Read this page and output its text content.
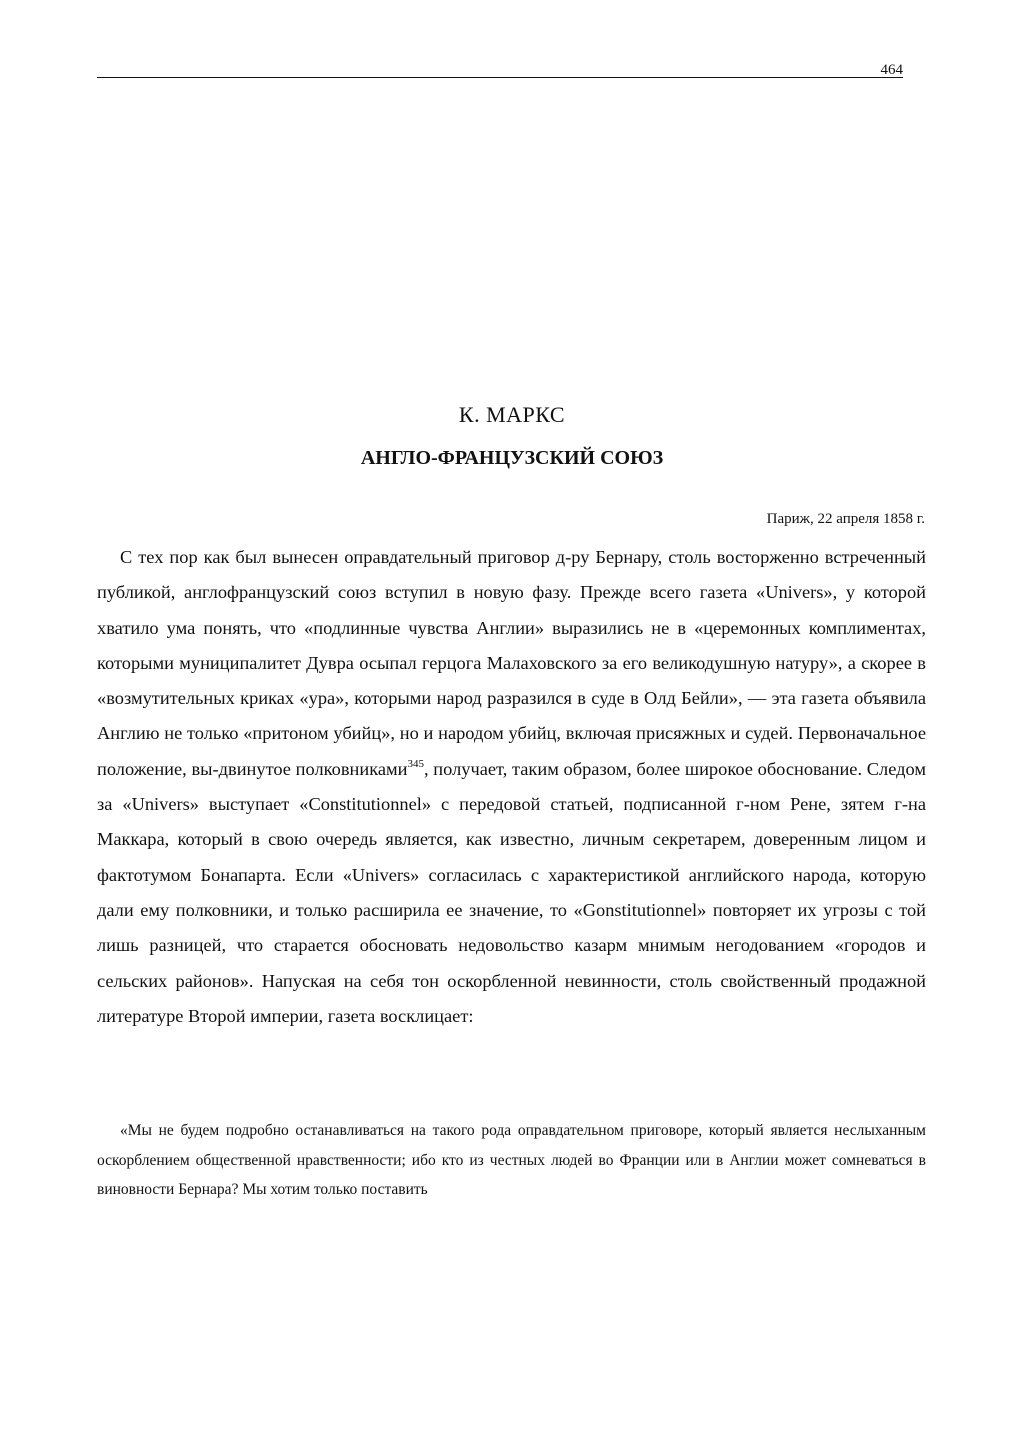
464
К. МАРКС
АНГЛО-ФРАНЦУЗСКИЙ СОЮЗ
Париж, 22 апреля 1858 г.

С тех пор как был вынесен оправдательный приговор д-ру Бернару, столь восторженно встреченный публикой, англофранцузский союз вступил в новую фазу. Прежде всего газета «Univers», у которой хватило ума понять, что «подлинные чувства Англии» выразились не в «церемонных комплиментах, которыми муниципалитет Дувра осыпал герцога Малаховского за его великодушную натуру», а скорее в «возмутительных криках «ура», которыми народ разразился в суде в Олд Бейли», — эта газета объявила Англию не только «притоном убийц», но и народом убийц, включая присяжных и судей. Первоначальное положение, вы-двинутое полковниками$^{345}$, получает, таким образом, более широкое обоснование. Следом за «Univers» выступает «Constitutionnel» с передовой статьей, подписанной г-ном Рене, зятем г-на Маккара, который в свою очередь является, как известно, личным секретарем, доверенным лицом и фактотумом Бонапарта. Если «Univers» согласилась с характеристикой английского народа, которую дали ему полковники, и только расширила ее значение, то «Gonstitutionnel» повторяет их угрозы с той лишь разницей, что старается обосновать недовольство казарм мнимым негодованием «городов и сельских районов». Напуская на себя тон оскорбленной невинности, столь свойственный продажной литературе Второй империи, газета восклицает:

«Мы не будем подробно останавливаться на такого рода оправдательном приговоре, который является неслыханным оскорблением общественной нравственности; ибо кто из честных людей во Франции или в Англии может сомневаться в виновности Бернара? Мы хотим только поставить
